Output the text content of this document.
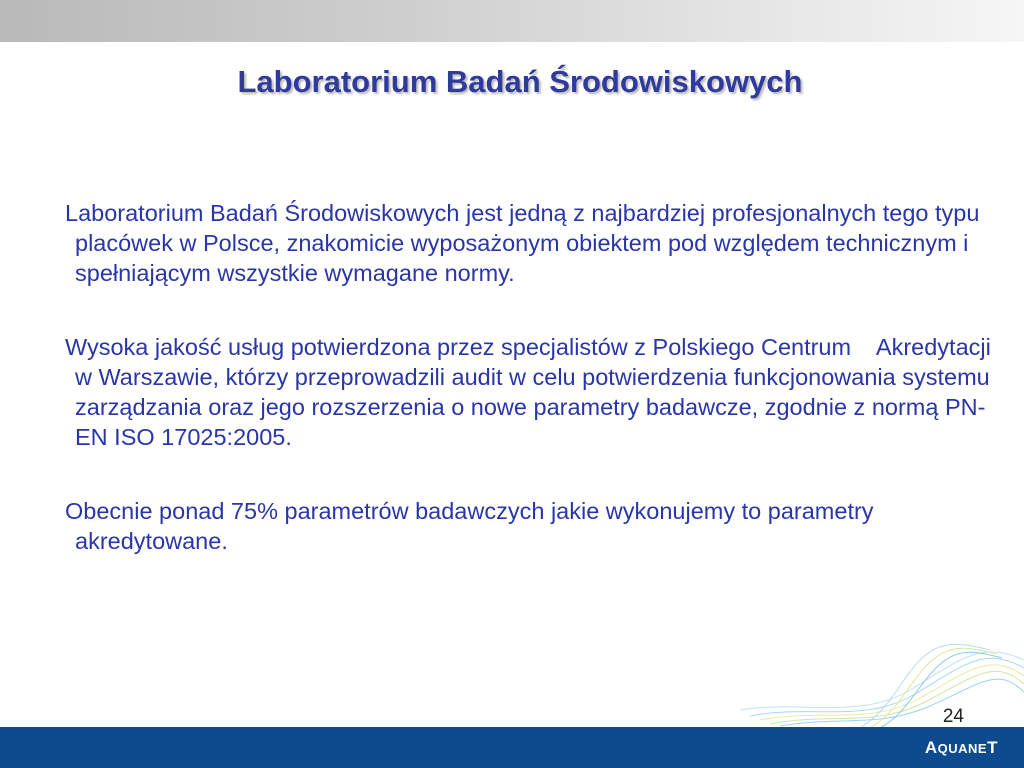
Laboratorium Badań Środowiskowych

Laboratorium Badań Środowiskowych jest jedną z najbardziej profesjonalnych tego typu placówek w Polsce, znakomicie wyposażonym obiektem pod względem technicznym i spełniającym wszystkie wymagane normy.

Wysoka jakość usług potwierdzona przez specjalistów z Polskiego Centrum    Akredytacji w Warszawie, którzy przeprowadzili audit w celu potwierdzenia funkcjonowania systemu zarządzania oraz jego rozszerzenia o nowe parametry badawcze, zgodnie z normą PN-EN ISO 17025:2005.

Obecnie ponad 75% parametrów badawczych jakie wykonujemy to parametry akredytowane.

24
AQUANET
